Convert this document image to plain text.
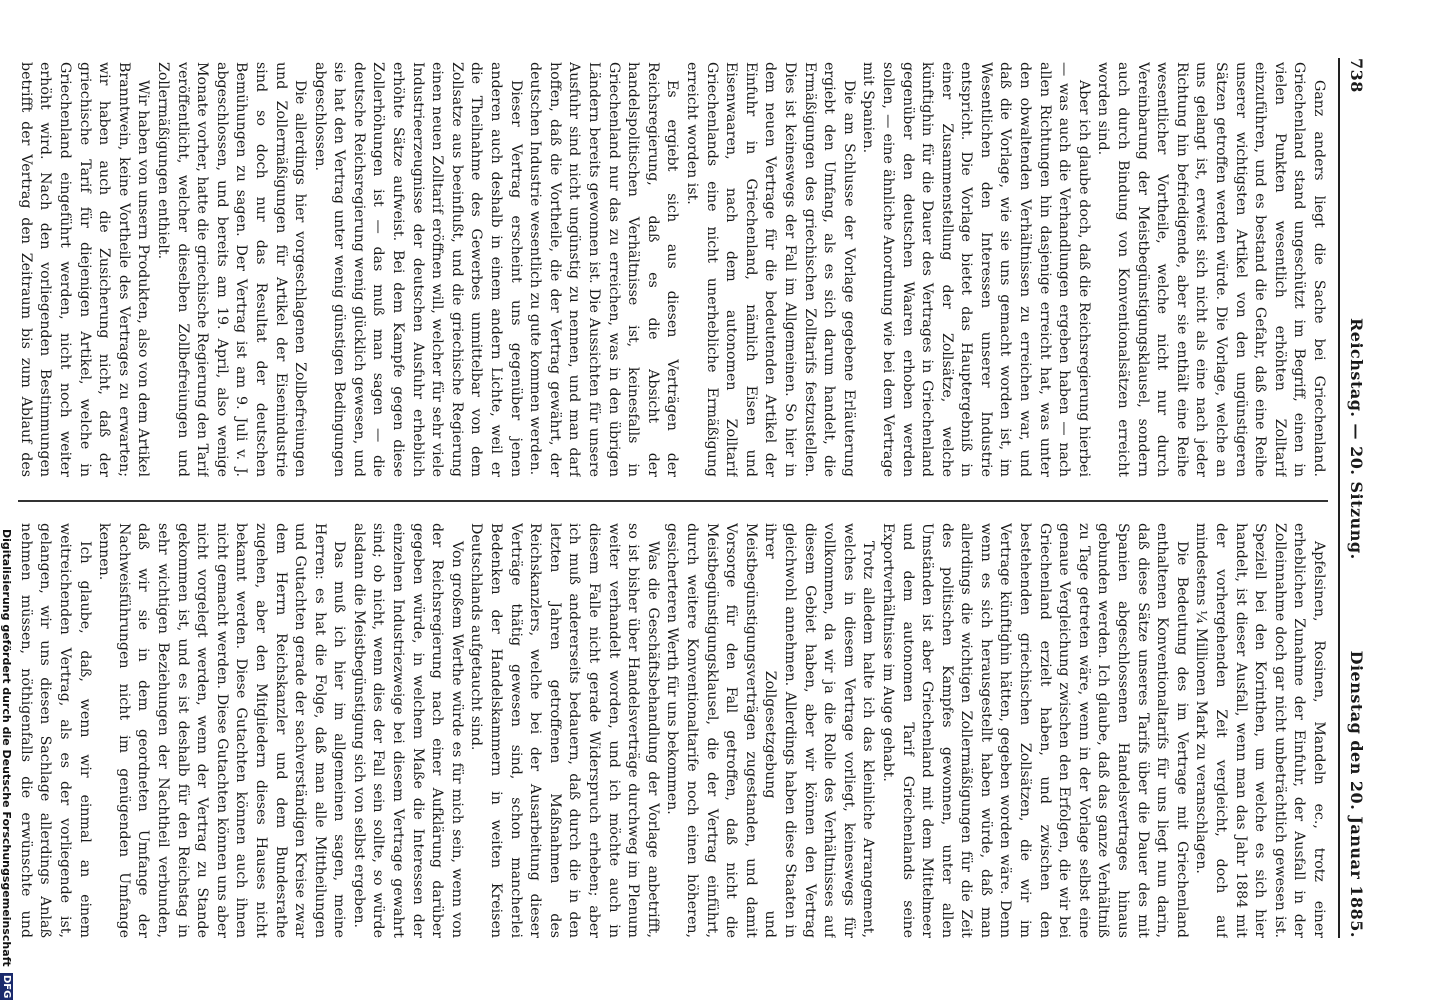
738
Reichstag. — 20. Sitzung.
Dienstag den 20. Januar 1885.

Ganz anders liegt die Sache bei Griechenland. Griechenland stand ungeschützt im Begriff, einen in vielen Punkten wesentlich erhöhten Zolltarif einzuführen, und es bestand die Gefahr, daß eine Reihe unserer wichtigsten Artikel von den ungünstigeren Sätzen getroffen werden würde. Die Vorlage, welche an uns gelangt ist, erweist sich nicht als eine nach jeder Richtung hin befriedigende, aber sie enthält eine Reihe wesentlicher Vortheile, welche nicht nur durch Vereinbarung der Meistbegünstigungsklausel, sondern auch durch Bindung von Konventionalsätzen erreicht worden sind.

Aber ich glaube doch, daß die Reichsregierung hierbei — was auch die Verhandlungen ergeben haben — nach allen Richtungen hin dasjenige erreicht hat, was unter den obwaltenden Verhältnissen zu erreichen war, und daß die Vorlage, wie sie uns gemacht worden ist, im Wesentlichen den Interessen unserer Industrie entspricht. Die Vorlage bietet das Hauptergebniß in einer Zusammenstellung der Zollsätze, welche künftighin für die Dauer des Vertrages in Griechenland gegenüber den deutschen Waaren erhoben werden sollen, — eine ähnliche Anordnung wie bei dem Vertrage mit Spanien.

Die am Schlusse der Vorlage gegebene Erläuterung ergiebt den Umfang, als es sich darum handelt, die Ermäßigungen des griechischen Zolltarifs festzustellen. Dies ist keineswegs der Fall im Allgemeinen. So hier in dem neuen Vertrage für die bedeutenden Artikel der Einfuhr in Griechenland, nämlich Eisen und Eisenwaaren, nach dem autonomen Zolltarif Griechenlands eine nicht unerhebliche Ermäßigung erreicht worden ist.

Es ergiebt sich aus diesen Verträgen der Reichsregierung, daß es die Absicht der handelspolitischen Verhältnisse ist, keinesfalls in Griechenland nur das zu erreichen, was in den übrigen Ländern bereits gewonnen ist. Die Aussichten für unsere Ausfuhr sind nicht ungünstig zu nennen, und man darf hoffen, daß die Vortheile, die der Vertrag gewährt, der deutschen Industrie wesentlich zu gute kommen werden.

Dieser Vertrag erscheint uns gegenüber jenen anderen auch deshalb in einem andern Lichte, weil er die Theilnahme des Gewerbes unmittelbar von dem Zollsatze aus beeinflußt, und die griechische Regierung einen neuen Zolltarif eröffnen will, welcher für sehr viele Industrieerzeugnisse der deutschen Ausfuhr erheblich erhöhte Sätze aufweist. Bei dem Kampfe gegen diese Zollerhöhungen ist — das muß man sagen — die deutsche Reichsregierung wenig glücklich gewesen, und sie hat den Vertrag unter wenig günstigen Bedingungen abgeschlossen.

Die allerdings hier vorgeschlagenen Zollbefreiungen und Zollermäßigungen für Artikel der Eisenindustrie sind so doch nur das Resultat der deutschen Bemühungen zu sagen. Der Vertrag ist am 9. Juli v. J. abgeschlossen, und bereits am 19. April, also wenige Monate vorher, hatte die griechische Regierung den Tarif veröffentlicht, welcher dieselben Zollbefreiungen und Zollermäßigungen enthielt.

Wir haben von unsern Produkten, also von dem Artikel Branntwein, keine Vortheile des Vertrages zu erwarten; wir haben auch die Zusicherung nicht, daß der griechische Tarif für diejenigen Artikel, welche in Griechenland eingeführt werden, nicht noch weiter erhöht wird. Nach den vorliegenden Bestimmungen betrifft der Vertrag den Zeitraum bis zum Ablauf des

Apfelsinen, Rosinen, Mandeln ec., trotz einer erheblichen Zunahme der Einfuhr, der Ausfall in der Zolleinnahme doch gar nicht unbeträchtlich gewesen ist. Speziell bei den Korinthen, um welche es sich hier handelt, ist dieser Ausfall, wenn man das Jahr 1884 mit der vorhergehenden Zeit vergleicht, doch auf mindestens ¼ Millionen Mark zu veranschlagen.

Die Bedeutung des im Vertrage mit Griechenland enthaltenen Konventionaltarifs für uns liegt nun darin, daß diese Sätze unseres Tarifs über die Dauer des mit Spanien abgeschlossenen Handelsvertrages hinaus gebunden werden. Ich glaube, daß das ganze Verhältniß zu Tage getreten wäre, wenn in der Vorlage selbst eine genaue Vergleichung zwischen den Erfolgen, die wir bei Griechenland erzielt haben, und zwischen den bestehenden griechischen Zollsätzen, die wir im Vertrage künftighin hätten, gegeben worden wäre. Denn wenn es sich herausgestellt haben würde, daß man allerdings die wichtigen Zollermäßigungen für die Zeit des politischen Kampfes gewonnen, unter allen Umständen ist aber Griechenland mit dem Mittelmeer und dem autonomen Tarif Griechenlands seine Exportverhältnisse im Auge gehabt.

Trotz alledem halte ich das kleinliche Arrangement, welches in diesem Vertrage vorliegt, keineswegs für vollkommen, da wir ja die Rolle des Verhältnisses auf diesem Gebiet haben, aber wir können den Vertrag gleichwohl annehmen. Allerdings haben diese Staaten in ihrer Zollgesetzgebung und Meistbegünstigungsverträgen zugestanden, und damit Vorsorge für den Fall getroffen, daß nicht die Meistbegünstigungsklausel, die der Vertrag einführt, durch weitere Konventionaltarife noch einen höheren, gesicherteren Werth für uns bekommen.

Was die Geschäftsbehandlung der Vorlage anbetrifft, so ist bisher über Handelsverträge durchweg im Plenum weiter verhandelt worden, und ich möchte auch in diesem Falle nicht gerade Widerspruch erheben; aber ich muß andererseits bedauern, daß durch die in den letzten Jahren getroffenen Maßnahmen des Reichskanzlers, welche bei der Ausarbeitung dieser Verträge thätig gewesen sind, schon mancherlei Bedenken der Handelskammern in weiten Kreisen Deutschlands aufgetaucht sind.

Von großem Werthe würde es für mich sein, wenn von der Reichsregierung nach einer Aufklärung darüber gegeben würde, in welchem Maße die Interessen der einzelnen Industriezweige bei diesem Vertrage gewahrt sind; ob nicht, wenn dies der Fall sein sollte, so würde alsdann die Meistbegünstigung sich von selbst ergeben.

Das muß ich hier im allgemeinen sagen, meine Herren: es hat die Folge, daß man alle Mittheilungen und Gutachten gerade der sachverständigen Kreise zwar dem Herrn Reichskanzler und dem Bundesrathe zugehen, aber den Mitgliedern dieses Hauses nicht bekannt werden. Diese Gutachten können auch ihnen nicht gemacht werden. Diese Gutachten können uns aber nicht vorgelegt werden, wenn der Vertrag zu Stande gekommen ist, und es ist deshalb für den Reichstag in sehr wichtigen Beziehungen der Nachtheil verbunden, daß wir sie in dem geordneten Umfange der Nachweisführungen nicht im genügenden Umfange kennen.

Ich glaube, daß, wenn wir einmal an einem weitreichenden Vertrag, als es der vorliegende ist, gelangen, wir uns diesen Sachlage allerdings Anlaß nehmen müssen, nöthigenfalls die erwünschte und

Digitalisierung gefördert durch die Deutsche Forschungsgemeinschaft
DFG
